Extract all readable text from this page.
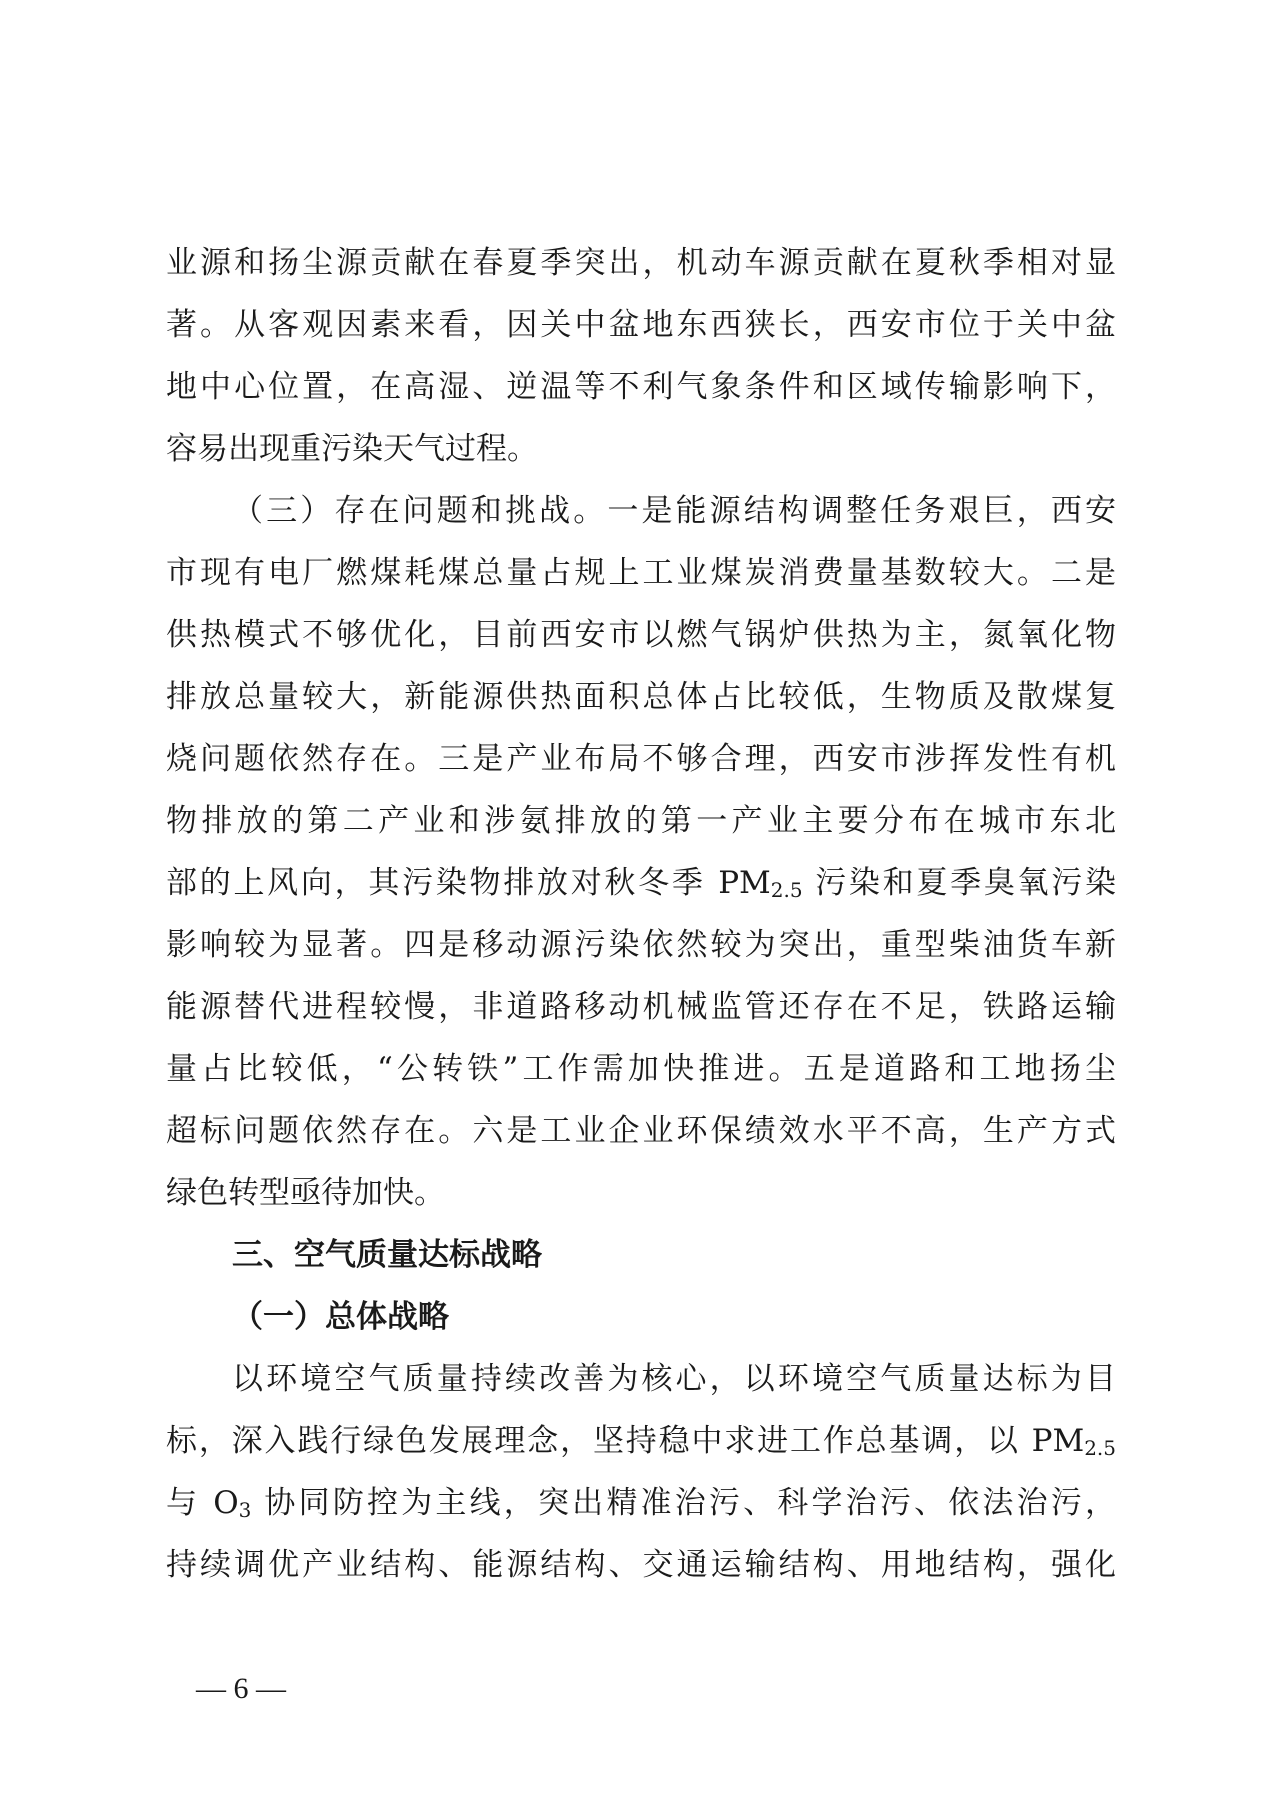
业源和扬尘源贡献在春夏季突出，机动车源贡献在夏秋季相对显
著。从客观因素来看，因关中盆地东西狭长，西安市位于关中盆
地中心位置，在高湿、逆温等不利气象条件和区域传输影响下，
容易出现重污染天气过程。
（三）存在问题和挑战。一是能源结构调整任务艰巨，西安
市现有电厂燃煤耗煤总量占规上工业煤炭消费量基数较大。二是
供热模式不够优化，目前西安市以燃气锅炉供热为主，氮氧化物
排放总量较大，新能源供热面积总体占比较低，生物质及散煤复
烧问题依然存在。三是产业布局不够合理，西安市涉挥发性有机
物排放的第二产业和涉氨排放的第一产业主要分布在城市东北
部的上风向，其污染物排放对秋冬季 $PM_{2.5}$ 污染和夏季臭氧污染
影响较为显著。四是移动源污染依然较为突出，重型柴油货车新
能源替代进程较慢，非道路移动机械监管还存在不足，铁路运输
量占比较低，“公转铁”工作需加快推进。五是道路和工地扬尘
超标问题依然存在。六是工业企业环保绩效水平不高，生产方式
绿色转型亟待加快。
三、空气质量达标战略
（一）总体战略
以环境空气质量持续改善为核心，以环境空气质量达标为目
标，深入践行绿色发展理念，坚持稳中求进工作总基调，以 $PM_{2.5}$
与 $O_3$ 协同防控为主线，突出精准治污、科学治污、依法治污，
持续调优产业结构、能源结构、交通运输结构、用地结构，强化
— 6 —
